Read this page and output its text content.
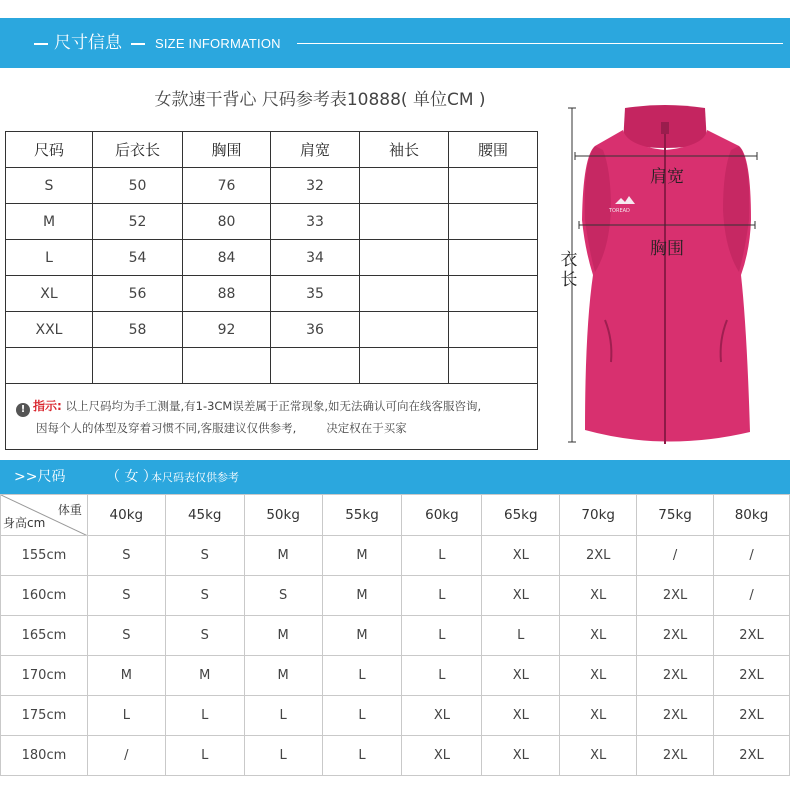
尺寸信息	SIZE INFORMATION
女款速干背心 尺码参考表10888( 单位CM )
尺码	后衣长	胸围	肩宽	袖长	腰围
S	50	76	32		
M	52	80	33		
L	54	84	34		
XL	56	88	35		
XXL	58	92	36		

! 指示: 以上尺码均为手工测量,有1-3CM误差属于正常现象,如无法确认可向在线客服咨询,
因每个人的体型及穿着习惯不同,客服建议仅供参考, 决定权在于买家					
TOREAD
肩宽
胸围
衣长
>>尺码	（ 女 ）
本尺码表仅供参考
体重
身高cm	40kg	45kg	50kg	55kg	60kg	65kg	70kg	75kg	80kg
155cm	S	S	M	M	L	XL	2XL	/	/
160cm	S	S	S	M	L	XL	XL	2XL	/
165cm	S	S	M	M	L	L	XL	2XL	2XL
170cm	M	M	M	L	L	XL	XL	2XL	2XL
175cm	L	L	L	L	XL	XL	XL	2XL	2XL
180cm	/	L	L	L	XL	XL	XL	2XL	2XL
